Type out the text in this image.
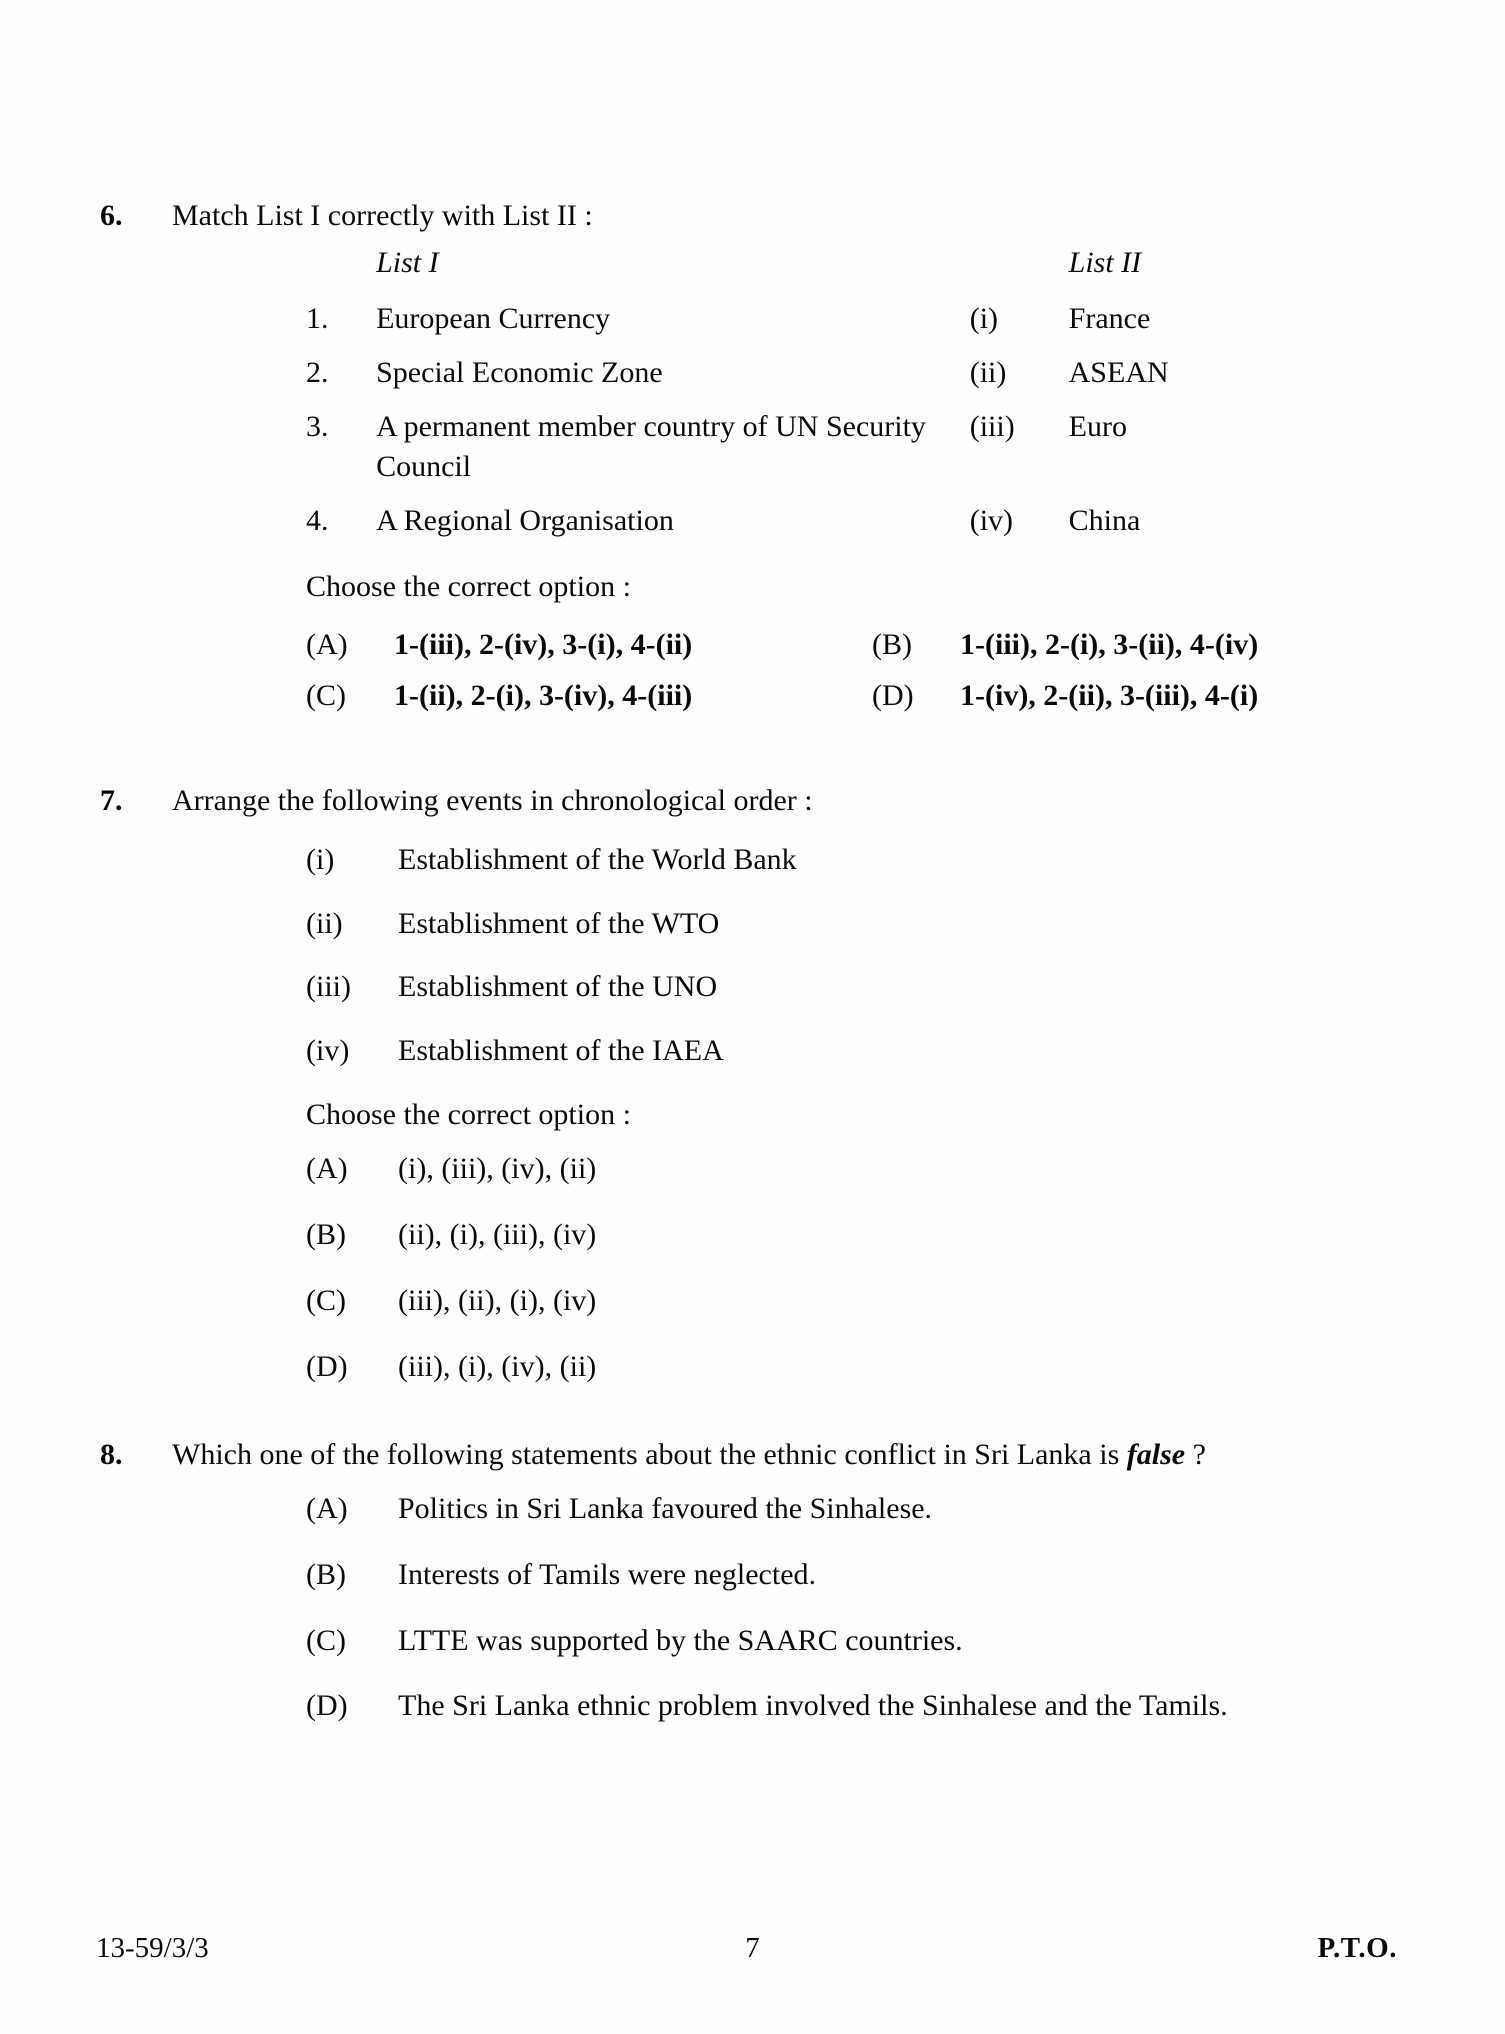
6.	Match List I correctly with List II :
	List I		List II
1.	European Currency	(i)	France
2.	Special Economic Zone	(ii)	ASEAN
3.	A permanent member country of UN Security Council	(iii)	Euro
4.	A Regional Organisation	(iv)	China
Choose the correct option :
(A)	1-(iii), 2-(iv), 3-(i), 4-(ii)	(B)	1-(iii), 2-(i), 3-(ii), 4-(iv)
(C)	1-(ii), 2-(i), 3-(iv), 4-(iii)	(D)	1-(iv), 2-(ii), 3-(iii), 4-(i)
7.	Arrange the following events in chronological order :
(i)	Establishment of the World Bank
(ii)	Establishment of the WTO
(iii)	Establishment of the UNO
(iv)	Establishment of the IAEA
Choose the correct option :
(A)	(i), (iii), (iv), (ii)
(B)	(ii), (i), (iii), (iv)
(C)	(iii), (ii), (i), (iv)
(D)	(iii), (i), (iv), (ii)
8.	Which one of the following statements about the ethnic conflict in Sri Lanka is false ?
(A)	Politics in Sri Lanka favoured the Sinhalese.
(B)	Interests of Tamils were neglected.
(C)	LTTE was supported by the SAARC countries.
(D)	The Sri Lanka ethnic problem involved the Sinhalese and the Tamils.
13-59/3/3	7	P.T.O.
